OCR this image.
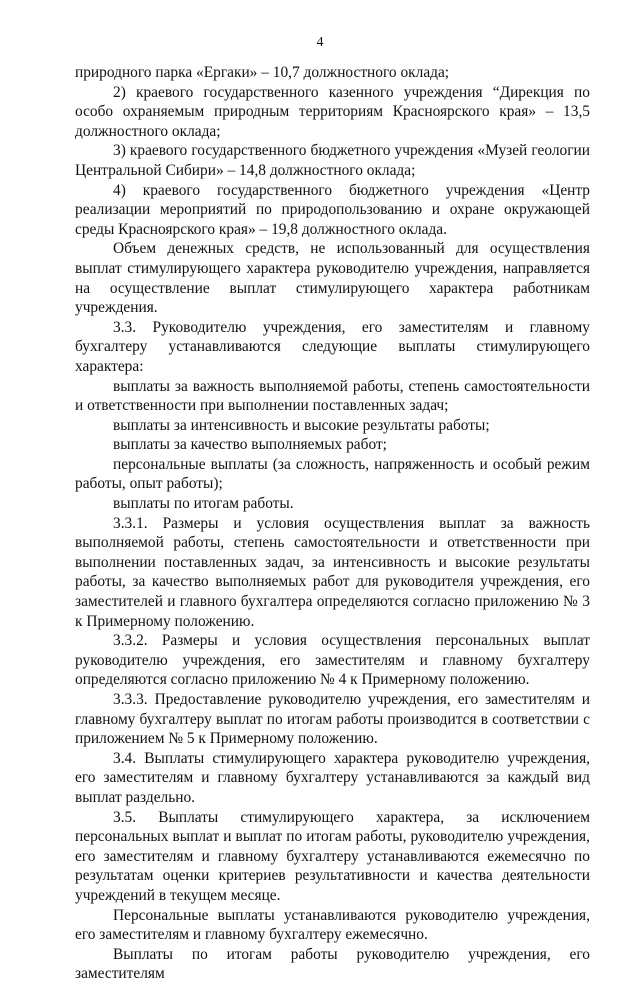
4

природного парка «Ергаки» – 10,7 должностного оклада;

2) краевого государственного казенного учреждения “Дирекция по особо охраняемым природным территориям Красноярского края» – 13,5 должностного оклада;

3) краевого государственного бюджетного учреждения «Музей геологии Центральной Сибири» – 14,8 должностного оклада;

4) краевого государственного бюджетного учреждения «Центр реализации мероприятий по природопользованию и охране окружающей среды Красноярского края» – 19,8 должностного оклада.

Объем денежных средств, не использованный для осуществления выплат стимулирующего характера руководителю учреждения, направляется на осуществление выплат стимулирующего характера работникам учреждения.

3.3. Руководителю учреждения, его заместителям и главному бухгалтеру устанавливаются следующие выплаты стимулирующего характера:

выплаты за важность выполняемой работы, степень самостоятельности и ответственности при выполнении поставленных задач;

выплаты за интенсивность и высокие результаты работы;

выплаты за качество выполняемых работ;

персональные выплаты (за сложность, напряженность и особый режим работы, опыт работы);

выплаты по итогам работы.

3.3.1. Размеры и условия осуществления выплат за важность выполняемой работы, степень самостоятельности и ответственности при выполнении поставленных задач, за интенсивность и высокие результаты работы, за качество выполняемых работ для руководителя учреждения, его заместителей и главного бухгалтера определяются согласно приложению № 3 к Примерному положению.

3.3.2. Размеры и условия осуществления персональных выплат руководителю учреждения, его заместителям и главному бухгалтеру определяются согласно приложению № 4 к Примерному положению.

3.3.3. Предоставление руководителю учреждения, его заместителям и главному бухгалтеру выплат по итогам работы производится в соответствии с приложением № 5 к Примерному положению.

3.4. Выплаты стимулирующего характера руководителю учреждения, его заместителям и главному бухгалтеру устанавливаются за каждый вид выплат раздельно.

3.5. Выплаты стимулирующего характера, за исключением персональных выплат и выплат по итогам работы, руководителю учреждения, его заместителям и главному бухгалтеру устанавливаются ежемесячно по результатам оценки критериев результативности и качества деятельности учреждений в текущем месяце.

Персональные выплаты устанавливаются руководителю учреждения, его заместителям и главному бухгалтеру ежемесячно.

Выплаты по итогам работы руководителю учреждения, его заместителям
